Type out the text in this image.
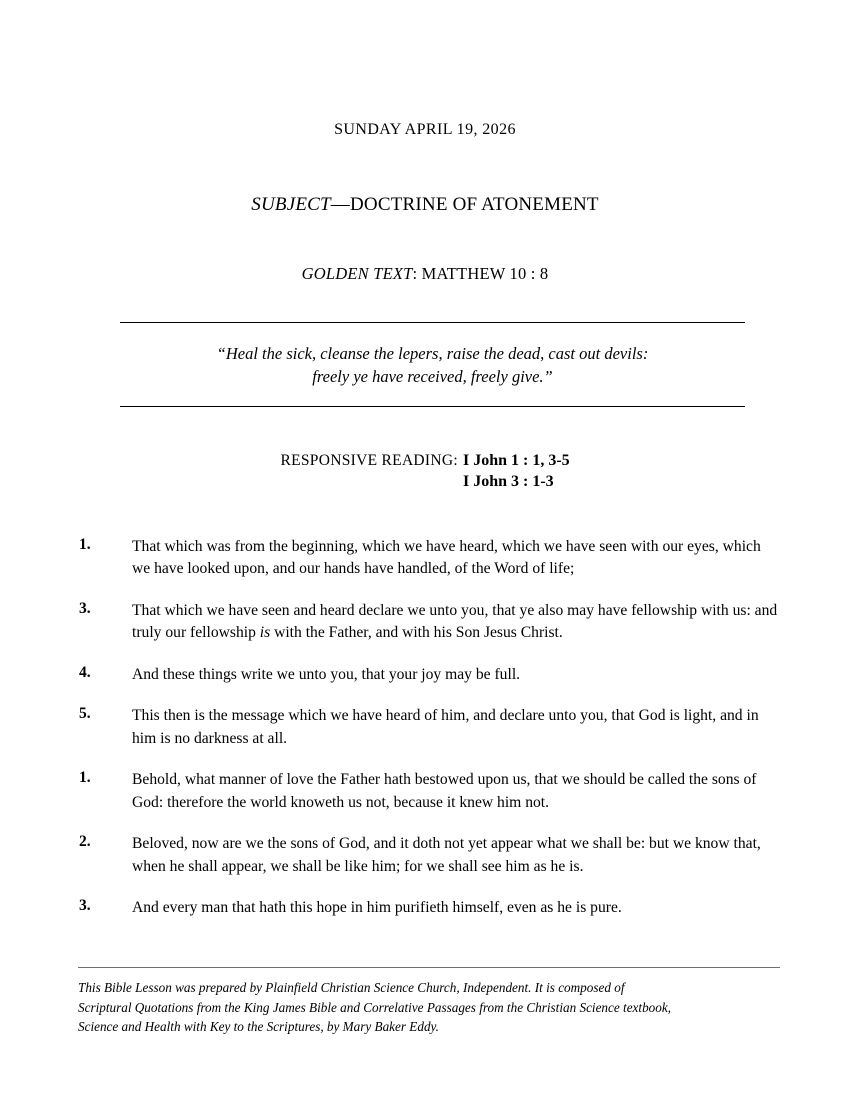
SUNDAY APRIL 19, 2026
SUBJECT—DOCTRINE OF ATONEMENT
GOLDEN TEXT: MATTHEW 10 : 8
“Heal the sick, cleanse the lepers, raise the dead, cast out devils:
freely ye have received, freely give.”
RESPONSIVE READING: I John 1 : 1, 3-5
I John 3 : 1-3
1.	That which was from the beginning, which we have heard, which we have seen with our eyes, which we have looked upon, and our hands have handled, of the Word of life;
3.	That which we have seen and heard declare we unto you, that ye also may have fellowship with us: and truly our fellowship is with the Father, and with his Son Jesus Christ.
4.	And these things write we unto you, that your joy may be full.
5.	This then is the message which we have heard of him, and declare unto you, that God is light, and in him is no darkness at all.
1.	Behold, what manner of love the Father hath bestowed upon us, that we should be called the sons of God: therefore the world knoweth us not, because it knew him not.
2.	Beloved, now are we the sons of God, and it doth not yet appear what we shall be: but we know that, when he shall appear, we shall be like him; for we shall see him as he is.
3.	And every man that hath this hope in him purifieth himself, even as he is pure.
This Bible Lesson was prepared by Plainfield Christian Science Church, Independent. It is composed of
Scriptural Quotations from the King James Bible and Correlative Passages from the Christian Science textbook,
Science and Health with Key to the Scriptures, by Mary Baker Eddy.
